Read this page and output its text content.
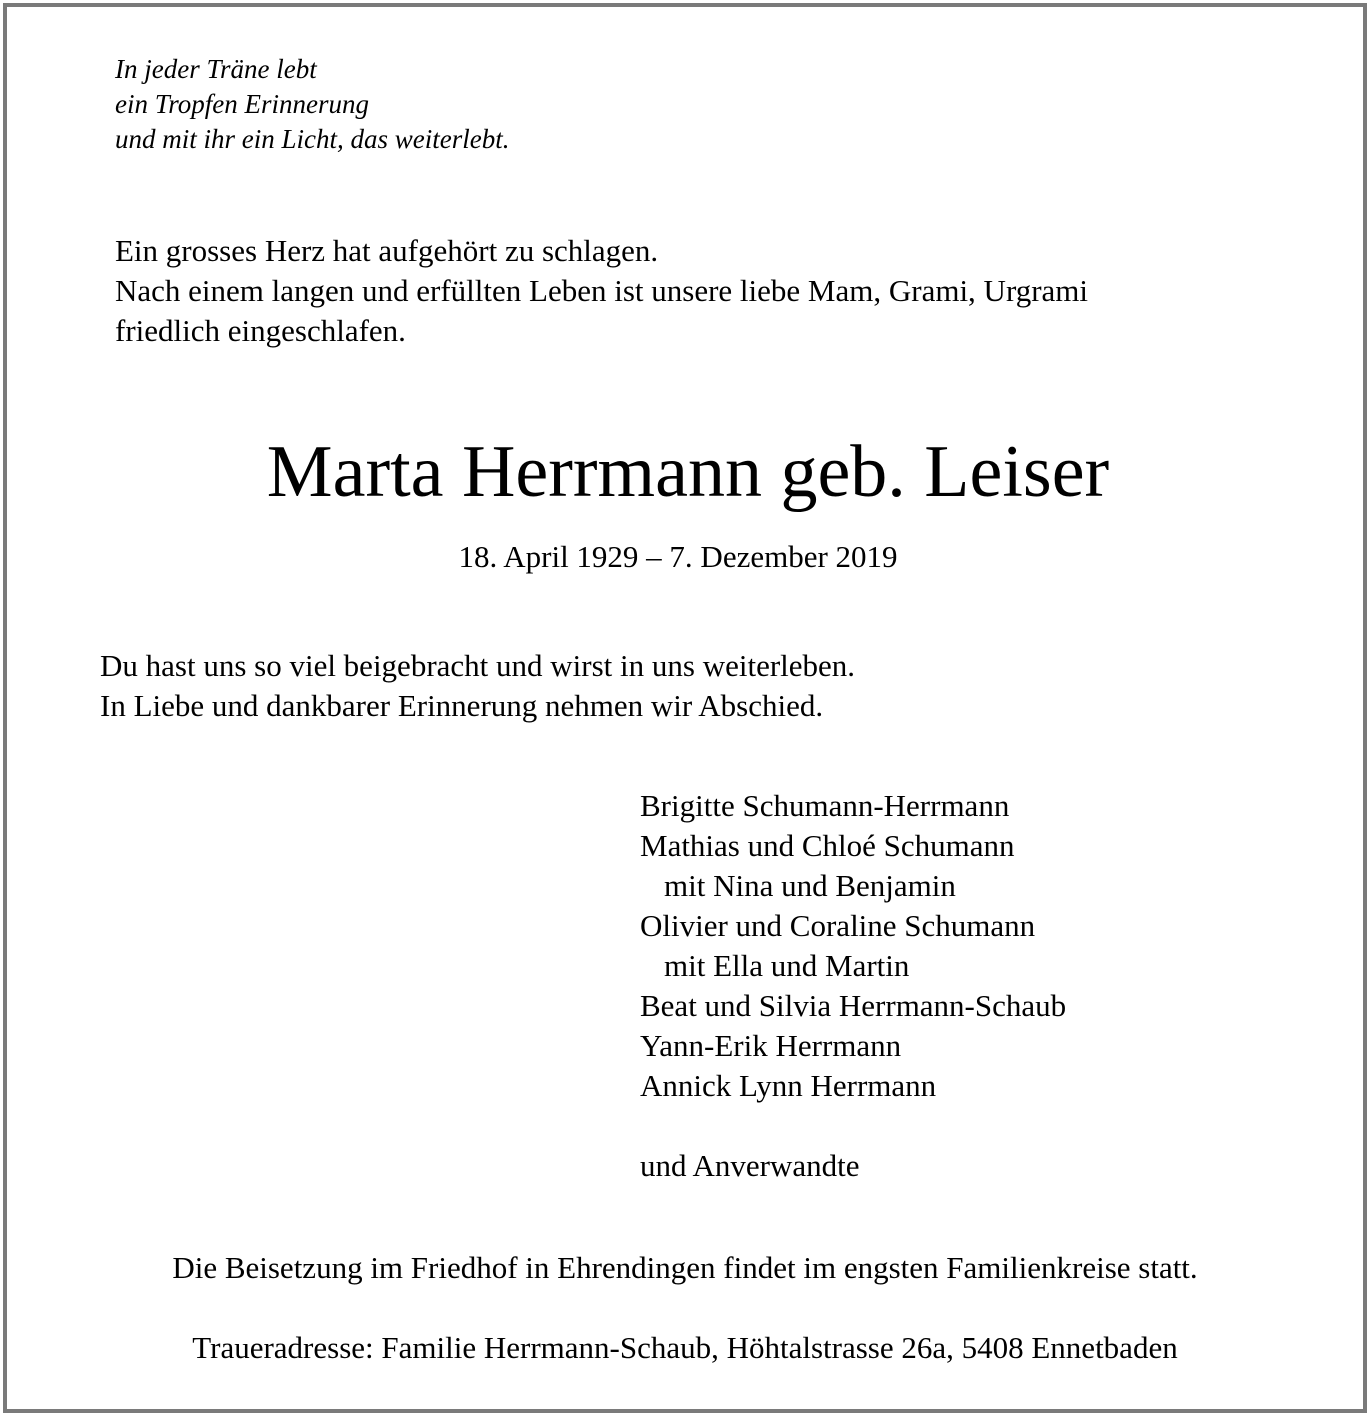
In jeder Träne lebt
ein Tropfen Erinnerung
und mit ihr ein Licht, das weiterlebt.
Ein grosses Herz hat aufgehört zu schlagen.
Nach einem langen und erfüllten Leben ist unsere liebe Mam, Grami, Urgrami
friedlich eingeschlafen.
Marta Herrmann geb. Leiser
18. April 1929 – 7. Dezember 2019
Du hast uns so viel beigebracht und wirst in uns weiterleben.
In Liebe und dankbarer Erinnerung nehmen wir Abschied.
Brigitte Schumann-Herrmann
Mathias und Chloé Schumann
mit Nina und Benjamin
Olivier und Coraline Schumann
mit Ella und Martin
Beat und Silvia Herrmann-Schaub
Yann-Erik Herrmann
Annick Lynn Herrmann
und Anverwandte
Die Beisetzung im Friedhof in Ehrendingen findet im engsten Familienkreise statt.
Traueradresse: Familie Herrmann-Schaub, Höhtalstrasse 26a, 5408 Ennetbaden
